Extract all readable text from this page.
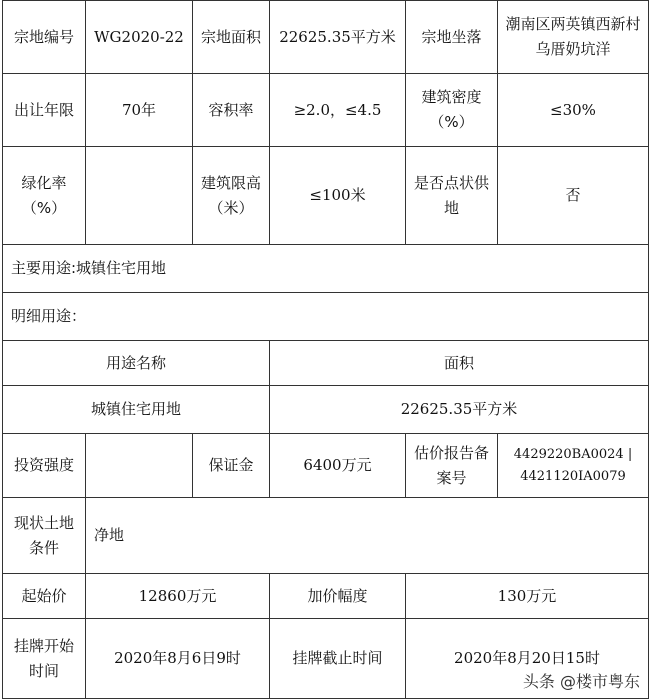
宗地编号	WG2020-22	宗地面积	22625.35平方米	宗地坐落	潮南区两英镇西新村乌厝奶坑洋
出让年限	70年	容积率	≥2.0，≤4.5	建筑密度（%）	≤30%
绿化率（%）		建筑限高（米）	≤100米	是否点状供地	否
主要用途:城镇住宅用地					
明细用途：					
用途名称			面积		
城镇住宅用地			22625.35平方米		
投资强度		保证金	6400万元	估价报告备案号	4429220BA0024 | 4421120IA0079
现状土地条件	净地				
起始价	12860万元		加价幅度	130万元	
挂牌开始时间	2020年8月6日9时		挂牌截止时间	2020年8月20日15时	
头条 @楼市粤东
